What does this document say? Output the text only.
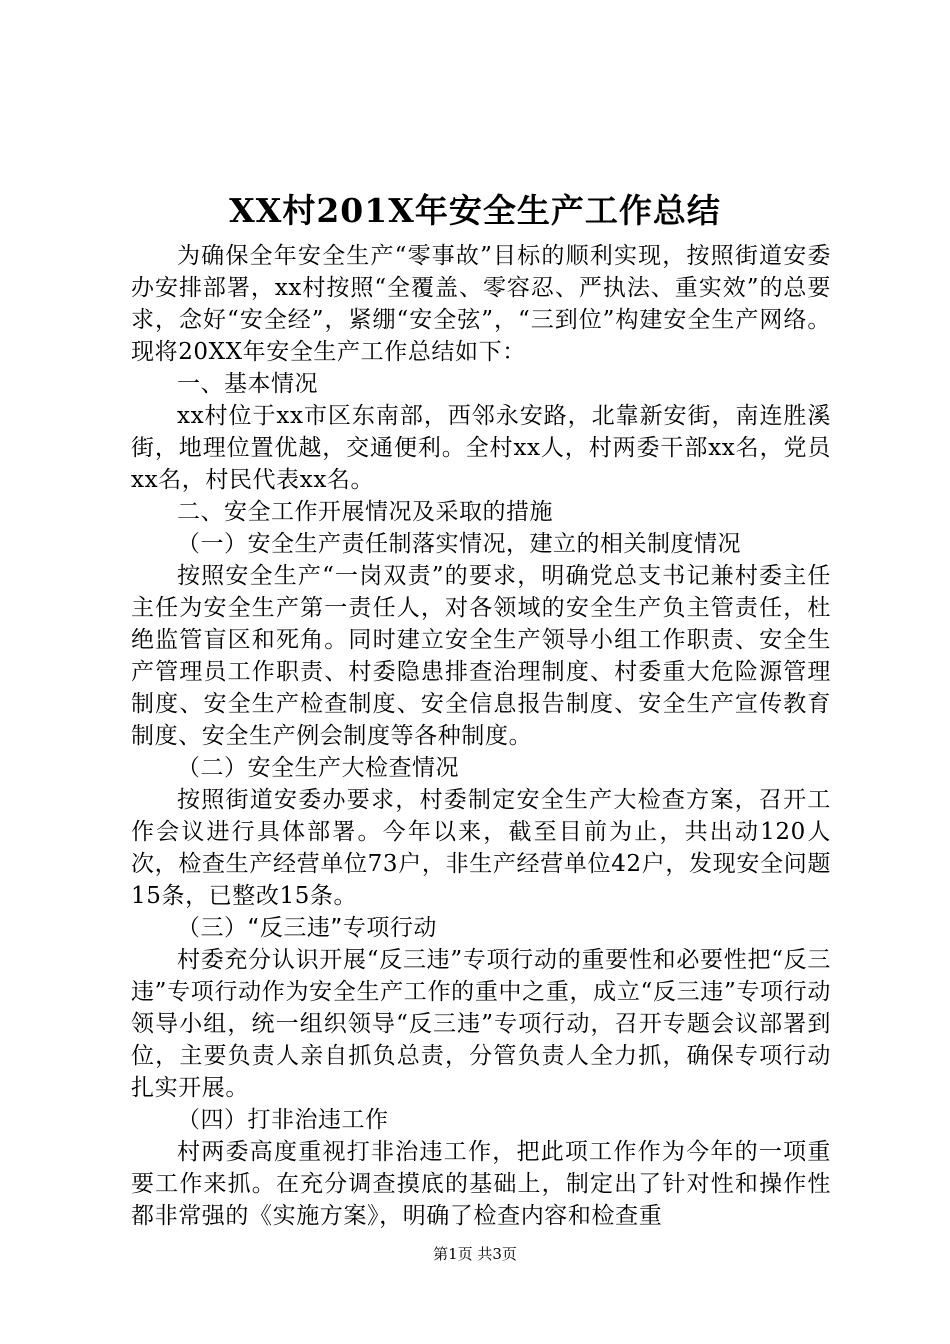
XX村201X年安全生产工作总结

为确保全年安全生产“零事故”目标的顺利实现，按照街道安委办安排部署，xx村按照“全覆盖、零容忍、严执法、重实效”的总要求，念好“安全经”，紧绷“安全弦”，“三到位”构建安全生产网络。现将20XX年安全生产工作总结如下：

一、基本情况

xx村位于xx市区东南部，西邻永安路，北靠新安街，南连胜溪街，地理位置优越，交通便利。全村xx人，村两委干部xx名，党员xx名，村民代表xx名。

二、安全工作开展情况及采取的措施

（一）安全生产责任制落实情况，建立的相关制度情况

按照安全生产“一岗双责”的要求，明确党总支书记兼村委主任主任为安全生产第一责任人，对各领域的安全生产负主管责任，杜绝监管盲区和死角。同时建立安全生产领导小组工作职责、安全生产管理员工作职责、村委隐患排查治理制度、村委重大危险源管理制度、安全生产检查制度、安全信息报告制度、安全生产宣传教育制度、安全生产例会制度等各种制度。

（二）安全生产大检查情况

按照街道安委办要求，村委制定安全生产大检查方案，召开工作会议进行具体部署。今年以来，截至目前为止，共出动120人次，检查生产经营单位73户，非生产经营单位42户，发现安全问题15条，已整改15条。

（三）“反三违”专项行动

村委充分认识开展“反三违”专项行动的重要性和必要性把“反三违”专项行动作为安全生产工作的重中之重，成立“反三违”专项行动领导小组，统一组织领导“反三违”专项行动，召开专题会议部署到位，主要负责人亲自抓负总责，分管负责人全力抓，确保专项行动扎实开展。

（四）打非治违工作

村两委高度重视打非治违工作，把此项工作作为今年的一项重要工作来抓。在充分调查摸底的基础上，制定出了针对性和操作性都非常强的《实施方案》，明确了检查内容和检查重

第1页 共3页
